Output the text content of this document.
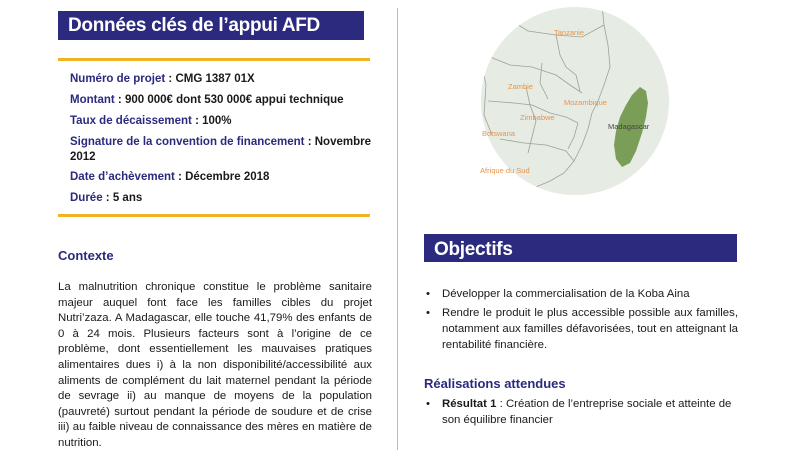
Données clés de l’appui AFD
Numéro de projet : CMG 1387 01X
Montant : 900 000€ dont 530 000€ appui technique
Taux de décaissement : 100%
Signature de la convention de financement : Novembre 2012
Date d’achèvement : Décembre 2018
Durée : 5 ans
Tanzanie
Zambie
Mozambique
Zimbabwe
Madagascar
Botswana
Afrique du Sud
Contexte
La malnutrition chronique constitue le problème sanitaire majeur auquel font face les familles cibles du projet Nutri’zaza. A Madagascar, elle touche 41,79% des enfants de 0 à 24 mois. Plusieurs facteurs sont à l’origine de ce problème, dont essentiellement les mauvaises pratiques alimentaires dues i) à la non disponibilité/accessibilité aux aliments de complément du lait maternel pendant la période de sevrage ii) au manque de moyens de la population (pauvreté) surtout pendant la période de soudure et de crise iii) au faible niveau de connaissance des mères en matière de nutrition.
Objectifs
• Développer la commercialisation de la Koba Aina
• Rendre le produit le plus accessible possible aux familles, notamment aux familles défavorisées, tout en atteignant la rentabilité financière.
Réalisations attendues
• Résultat 1 : Création de l’entreprise sociale et atteinte de son équilibre financier
